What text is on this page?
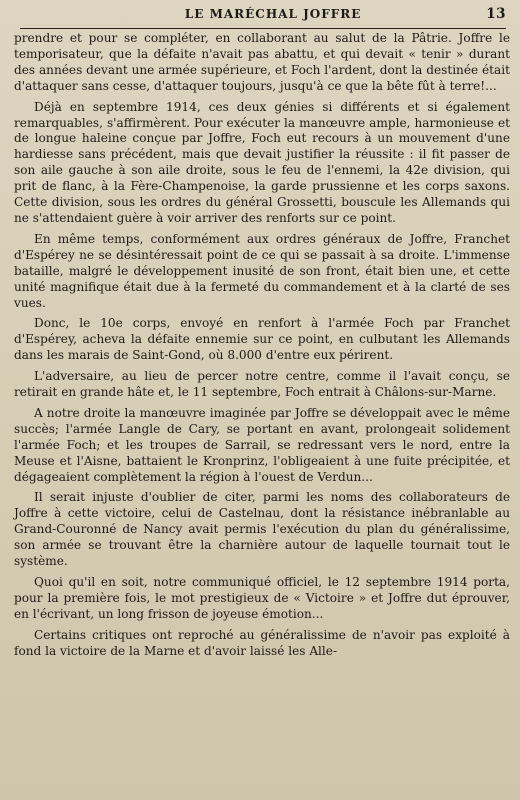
LE MARÉCHAL JOFFRE	13

prendre et pour se compléter, en collaborant au salut de la Pâtrie. Joffre le temporisateur, que la défaite n'avait pas abattu, et qui devait « tenir » durant des années devant une armée supérieure, et Foch l'ardent, dont la destinée était d'attaquer sans cesse, d'attaquer toujours, jusqu'à ce que la bête fût à terre!...

Déjà en septembre 1914, ces deux génies si différents et si également remarquables, s'affirmèrent. Pour exécuter la manœuvre ample, harmonieuse et de longue haleine conçue par Joffre, Foch eut recours à un mouvement d'une hardiesse sans précédent, mais que devait justifier la réussite : il fit passer de son aile gauche à son aile droite, sous le feu de l'ennemi, la 42e division, qui prit de flanc, à la Fère-Champenoise, la garde prussienne et les corps saxons. Cette division, sous les ordres du général Grossetti, bouscule les Allemands qui ne s'attendaient guère à voir arriver des renforts sur ce point.

En même temps, conformément aux ordres généraux de Joffre, Franchet d'Espérey ne se désintéressait point de ce qui se passait à sa droite. L'immense bataille, malgré le développement inusité de son front, était bien une, et cette unité magnifique était due à la fermeté du commandement et à la clarté de ses vues.

Donc, le 10e corps, envoyé en renfort à l'armée Foch par Franchet d'Espérey, acheva la défaite ennemie sur ce point, en culbutant les Allemands dans les marais de Saint-Gond, où 8.000 d'entre eux périrent.

L'adversaire, au lieu de percer notre centre, comme il l'avait conçu, se retirait en grande hâte et, le 11 septembre, Foch entrait à Châlons-sur-Marne.

A notre droite la manœuvre imaginée par Joffre se développait avec le même succès; l'armée Langle de Cary, se portant en avant, prolongeait solidement l'armée Foch; et les troupes de Sarrail, se redressant vers le nord, entre la Meuse et l'Aisne, battaient le Kronprinz, l'obligeaient à une fuite précipitée, et dégageaient complètement la région à l'ouest de Verdun...

Il serait injuste d'oublier de citer, parmi les noms des collaborateurs de Joffre à cette victoire, celui de Castelnau, dont la résistance inébranlable au Grand-Couronné de Nancy avait permis l'exécution du plan du généralissime, son armée se trouvant être la charnière autour de laquelle tournait tout le système.

Quoi qu'il en soit, notre communiqué officiel, le 12 septembre 1914 porta, pour la première fois, le mot prestigieux de « Victoire » et Joffre dut éprouver, en l'écrivant, un long frisson de joyeuse émotion...

Certains critiques ont reproché au généralissime de n'avoir pas exploité à fond la victoire de la Marne et d'avoir laissé les Alle-
